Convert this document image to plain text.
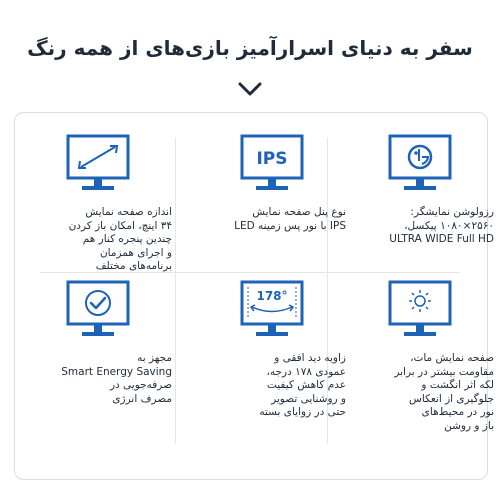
سفر به دنیای اسرارآمیز بازی‌های از همه رنگ
رزولوشن نمایشگر:
۲۵۶۰×۱۰۸۰ پیکسل،
ULTRA WIDE Full HD
IPS
نوع پنل صفحه نمایش
IPS با نور پس زمینه LED
اندازه صفحه نمایش
۳۴ اینچ، امکان باز کردن
چندین پنجره کنار هم
و اجرای همزمان
برنامه‌های مختلف
صفحه نمایش مات،
مقاومت بیشتر در برابر
لکه اثر انگشت و
جلوگیری از انعکاس
نور در محیط‌های
باز و روشن
178°
زاویه دید افقی و
عمودی ۱۷۸ درجه،
عدم کاهش کیفیت
و روشنایی تصویر
حتی در زوایای بسته
مجهز به
Smart Energy Saving
صرفه‌جویی در
مصرف انرژی
